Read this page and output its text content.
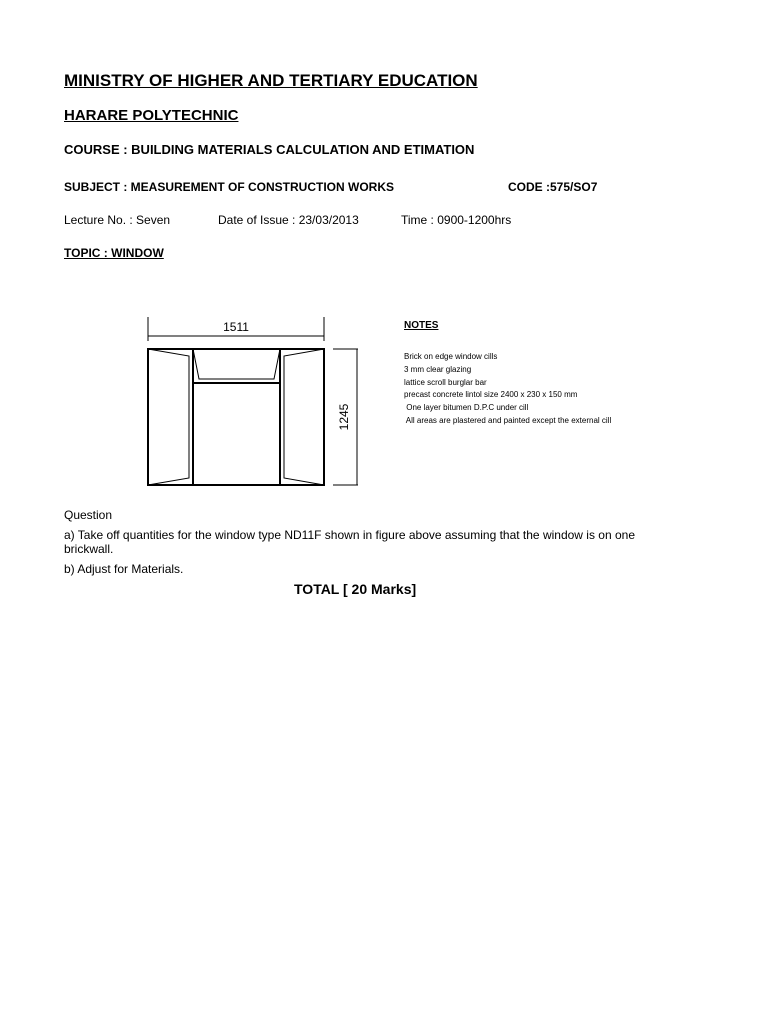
MINISTRY OF HIGHER AND TERTIARY EDUCATION
HARARE POLYTECHNIC
COURSE : BUILDING MATERIALS CALCULATION AND ETIMATION
SUBJECT : MEASUREMENT OF CONSTRUCTION WORKS	CODE :575/SO7
Lecture No. : Seven	Date of Issue : 23/03/2013	Time : 0900-1200hrs
TOPIC : WINDOW
1511
1245
NOTES
Brick on edge window cills
3 mm clear glazing
lattice scroll burglar bar
precast concrete lintol size 2400 x 230 x 150 mm
One layer bitumen D.P.C under cill
All areas are plastered and painted except the external cill
Question
a) Take off quantities for the window type ND11F shown in figure above assuming that the window is on one brickwall.
b) Adjust for Materials.
TOTAL [ 20 Marks]
